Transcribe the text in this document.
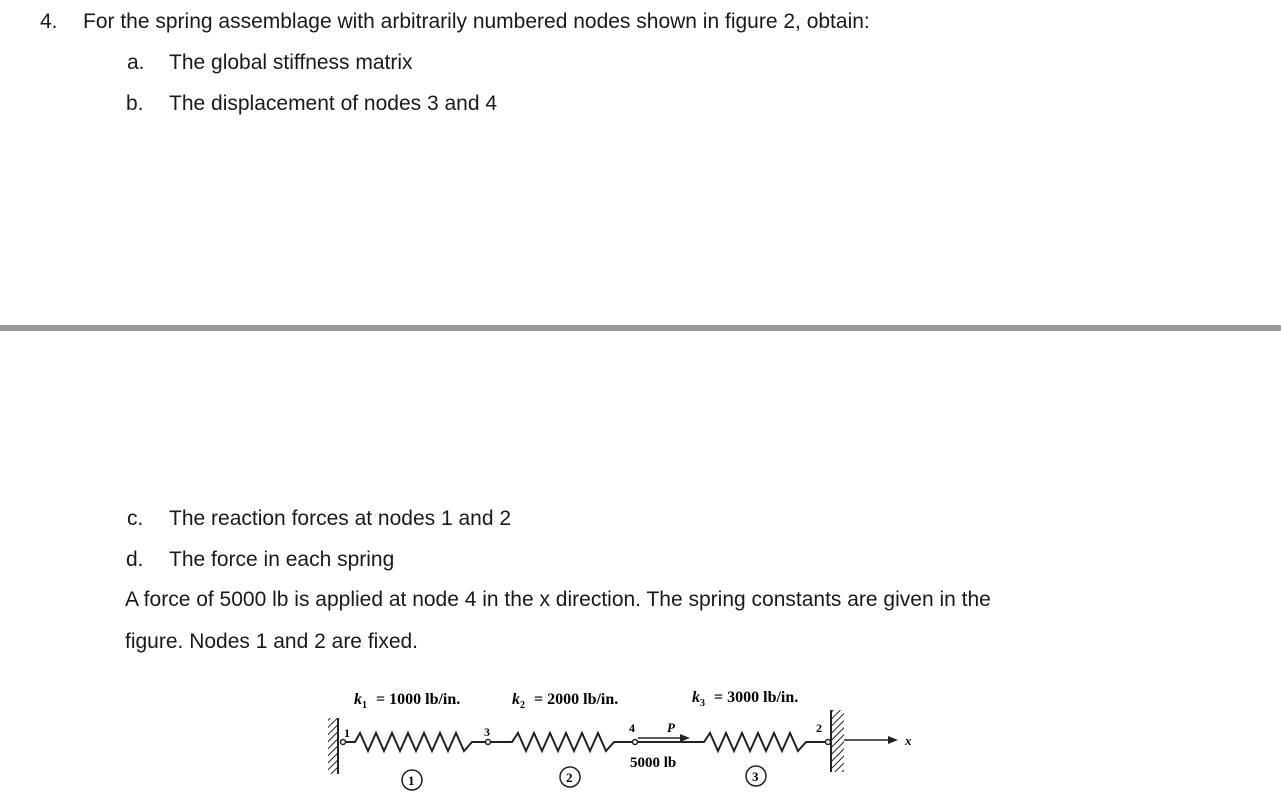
4. For the spring assemblage with arbitrarily numbered nodes shown in figure 2, obtain:
a. The global stiffness matrix
b. The displacement of nodes 3 and 4
c. The reaction forces at nodes 1 and 2
d. The force in each spring
A force of 5000 lb is applied at node 4 in the x direction. The spring constants are given in the
figure. Nodes 1 and 2 are fixed.
k 1 = 1000 lb/in.	k 2 = 2000 lb/in.	k 3 = 3000 lb/in.
1	3	4 P
5000 lb
2
x
1	2	3
